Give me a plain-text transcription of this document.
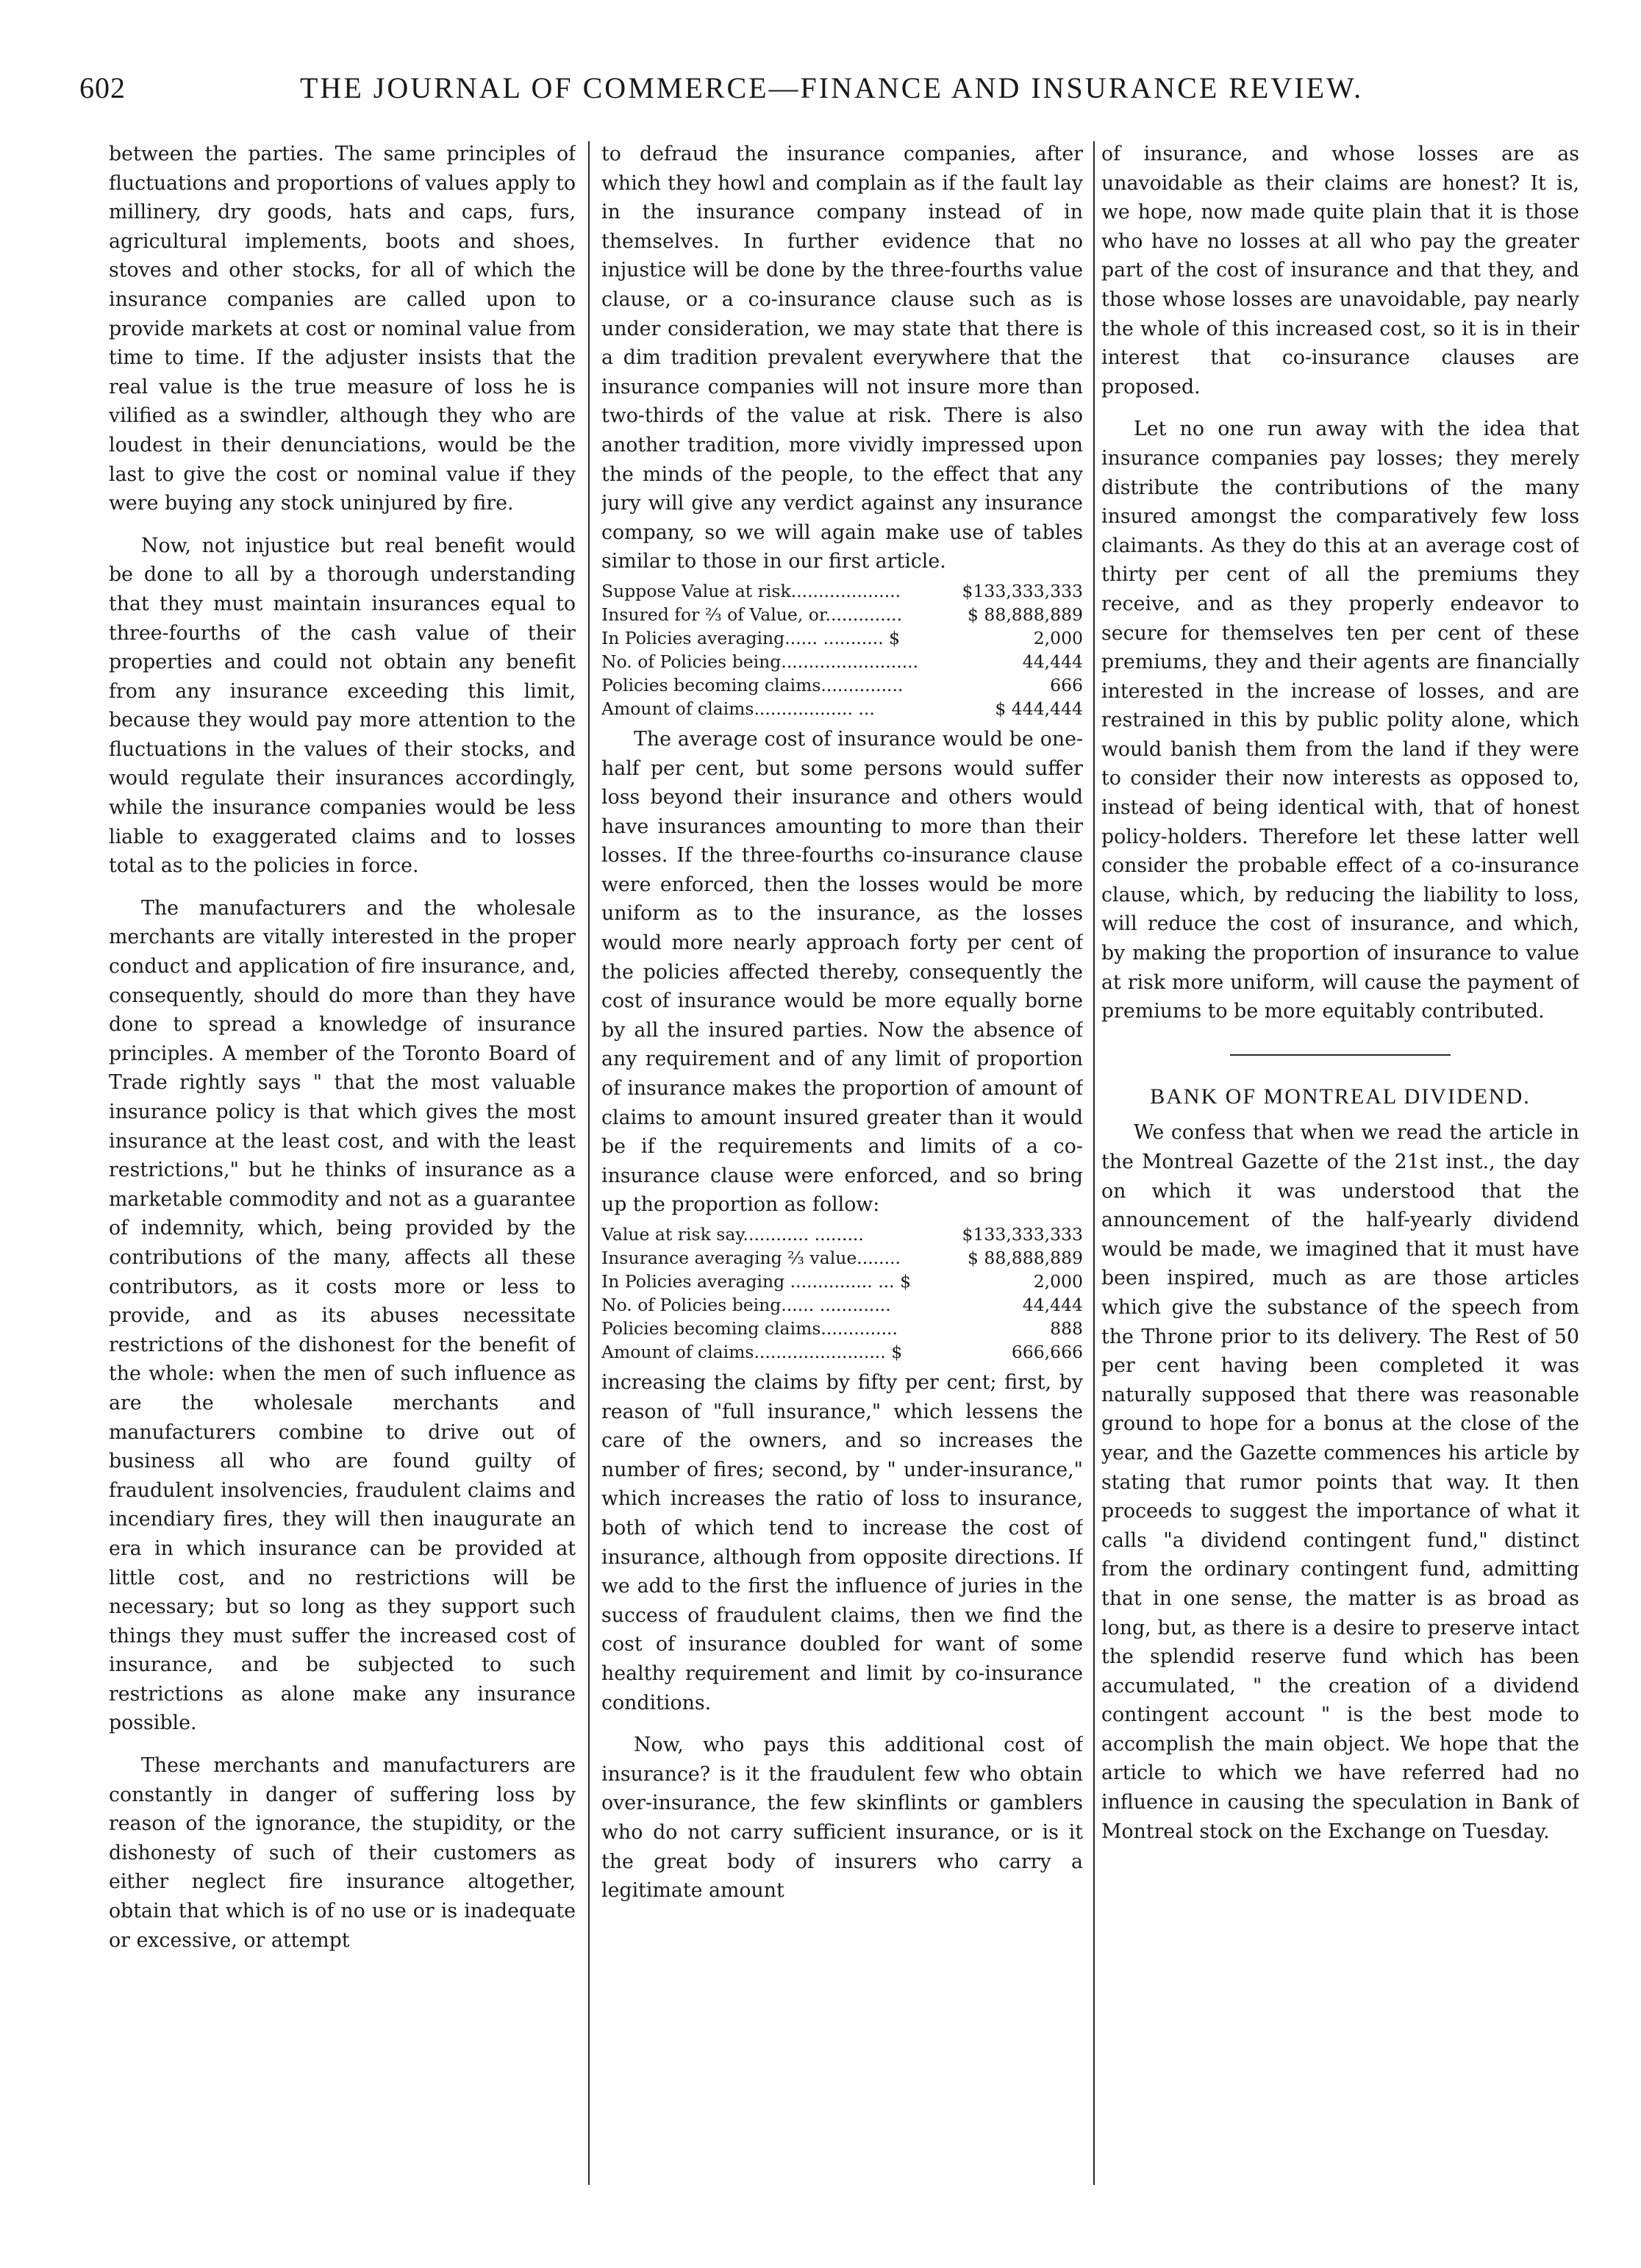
602	THE JOURNAL OF COMMERCE—FINANCE AND INSURANCE REVIEW.

between the parties. The same principles of fluctuations and proportions of values apply to millinery, dry goods, hats and caps, furs, agricultural implements, boots and shoes, stoves and other stocks, for all of which the insurance companies are called upon to provide markets at cost or nominal value from time to time. If the adjuster insists that the real value is the true measure of loss he is vilified as a swindler, although they who are loudest in their denunciations, would be the last to give the cost or nominal value if they were buying any stock uninjured by fire.

Now, not injustice but real benefit would be done to all by a thorough understanding that they must maintain insurances equal to three-fourths of the cash value of their properties and could not obtain any benefit from any insurance exceeding this limit, because they would pay more attention to the fluctuations in the values of their stocks, and would regulate their insurances accordingly, while the insurance companies would be less liable to exaggerated claims and to losses total as to the policies in force.

The manufacturers and the wholesale merchants are vitally interested in the proper conduct and application of fire insurance, and, consequently, should do more than they have done to spread a knowledge of insurance principles. A member of the Toronto Board of Trade rightly says " that the most valuable insurance policy is that which gives the most insurance at the least cost, and with the least restrictions," but he thinks of insurance as a marketable commodity and not as a guarantee of indemnity, which, being provided by the contributions of the many, affects all these contributors, as it costs more or less to provide, and as its abuses necessitate restrictions of the dishonest for the benefit of the whole: when the men of such influence as are the wholesale merchants and manufacturers combine to drive out of business all who are found guilty of fraudulent insolvencies, fraudulent claims and incendiary fires, they will then inaugurate an era in which insurance can be provided at little cost, and no restrictions will be necessary; but so long as they support such things they must suffer the increased cost of insurance, and be subjected to such restrictions as alone make any insurance possible.

These merchants and manufacturers are constantly in danger of suffering loss by reason of the ignorance, the stupidity, or the dishonesty of such of their customers as either neglect fire insurance altogether, obtain that which is of no use or is inadequate or excessive, or attempt

to defraud the insurance companies, after which they howl and complain as if the fault lay in the insurance company instead of in themselves. In further evidence that no injustice will be done by the three-fourths value clause, or a co-insurance clause such as is under consideration, we may state that there is a dim tradition prevalent everywhere that the insurance companies will not insure more than two-thirds of the value at risk. There is also another tradition, more vividly impressed upon the minds of the people, to the effect that any jury will give any verdict against any insurance company, so we will again make use of tables similar to those in our first article.

Suppose Value at risk....................	$133,333,333
Insured for ⅔ of Value, or..............	$ 88,888,889
In Policies averaging...... ........... $	2,000
No. of Policies being.........................	44,444
Policies becoming claims...............	666
Amount of claims.................. ...	$ 444,444

The average cost of insurance would be one-half per cent, but some persons would suffer loss beyond their insurance and others would have insurances amounting to more than their losses. If the three-fourths co-insurance clause were enforced, then the losses would be more uniform as to the insurance, as the losses would more nearly approach forty per cent of the policies affected thereby, consequently the cost of insurance would be more equally borne by all the insured parties. Now the absence of any requirement and of any limit of proportion of insurance makes the proportion of amount of claims to amount insured greater than it would be if the requirements and limits of a co-insurance clause were enforced, and so bring up the proportion as follow:

Value at risk say............ .........	$133,333,333
Insurance averaging ⅔ value........	$ 88,888,889
In Policies averaging ............... ... $	2,000
No. of Policies being...... .............	44,444
Policies becoming claims..............	888
Amount of claims........................ $	666,666

increasing the claims by fifty per cent; first, by reason of "full insurance," which lessens the care of the owners, and so increases the number of fires; second, by " under-insurance," which increases the ratio of loss to insurance, both of which tend to increase the cost of insurance, although from opposite directions. If we add to the first the influence of juries in the success of fraudulent claims, then we find the cost of insurance doubled for want of some healthy requirement and limit by co-insurance conditions.

Now, who pays this additional cost of insurance? is it the fraudulent few who obtain over-insurance, the few skinflints or gamblers who do not carry sufficient insurance, or is it the great body of insurers who carry a legitimate amount

of insurance, and whose losses are as unavoidable as their claims are honest? It is, we hope, now made quite plain that it is those who have no losses at all who pay the greater part of the cost of insurance and that they, and those whose losses are unavoidable, pay nearly the whole of this increased cost, so it is in their interest that co-insurance clauses are proposed.

Let no one run away with the idea that insurance companies pay losses; they merely distribute the contributions of the many insured amongst the comparatively few loss claimants. As they do this at an average cost of thirty per cent of all the premiums they receive, and as they properly endeavor to secure for themselves ten per cent of these premiums, they and their agents are financially interested in the increase of losses, and are restrained in this by public polity alone, which would banish them from the land if they were to consider their now interests as opposed to, instead of being identical with, that of honest policy-holders. Therefore let these latter well consider the probable effect of a co-insurance clause, which, by reducing the liability to loss, will reduce the cost of insurance, and which, by making the proportion of insurance to value at risk more uniform, will cause the payment of premiums to be more equitably contributed.

BANK OF MONTREAL DIVIDEND.

We confess that when we read the article in the Montreal Gazette of the 21st inst., the day on which it was understood that the announcement of the half-yearly dividend would be made, we imagined that it must have been inspired, much as are those articles which give the substance of the speech from the Throne prior to its delivery. The Rest of 50 per cent having been completed it was naturally supposed that there was reasonable ground to hope for a bonus at the close of the year, and the Gazette commences his article by stating that rumor points that way. It then proceeds to suggest the importance of what it calls "a dividend contingent fund," distinct from the ordinary contingent fund, admitting that in one sense, the matter is as broad as long, but, as there is a desire to preserve intact the splendid reserve fund which has been accumulated, " the creation of a dividend contingent account " is the best mode to accomplish the main object. We hope that the article to which we have referred had no influence in causing the speculation in Bank of Montreal stock on the Exchange on Tuesday.
